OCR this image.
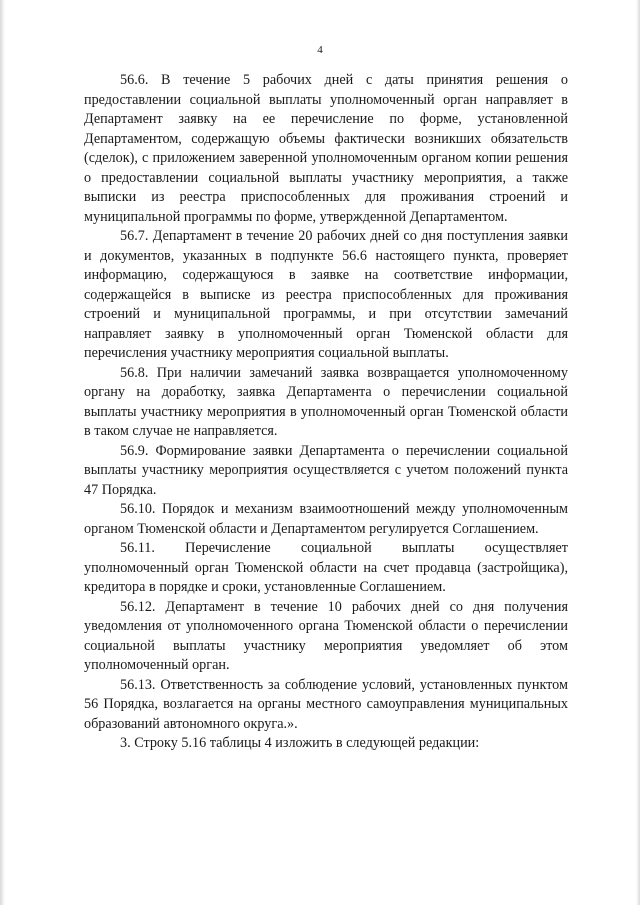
4

56.6. В течение 5 рабочих дней с даты принятия решения о предоставлении социальной выплаты уполномоченный орган направляет в Департамент заявку на ее перечисление по форме, установленной Департаментом, содержащую объемы фактически возникших обязательств (сделок), с приложением заверенной уполномоченным органом копии решения о предоставлении социальной выплаты участнику мероприятия, а также выписки из реестра приспособленных для проживания строений и муниципальной программы по форме, утвержденной Департаментом.

56.7. Департамент в течение 20 рабочих дней со дня поступления заявки и документов, указанных в подпункте 56.6 настоящего пункта, проверяет информацию, содержащуюся в заявке на соответствие информации, содержащейся в выписке из реестра приспособленных для проживания строений и муниципальной программы, и при отсутствии замечаний направляет заявку в уполномоченный орган Тюменской области для перечисления участнику мероприятия социальной выплаты.

56.8. При наличии замечаний заявка возвращается уполномоченному органу на доработку, заявка Департамента о перечислении социальной выплаты участнику мероприятия в уполномоченный орган Тюменской области в таком случае не направляется.

56.9. Формирование заявки Департамента о перечислении социальной выплаты участнику мероприятия осуществляется с учетом положений пункта 47 Порядка.

56.10. Порядок и механизм взаимоотношений между уполномоченным органом Тюменской области и Департаментом регулируется Соглашением.

56.11. Перечисление социальной выплаты осуществляет уполномоченный орган Тюменской области на счет продавца (застройщика), кредитора в порядке и сроки, установленные Соглашением.

56.12. Департамент в течение 10 рабочих дней со дня получения уведомления от уполномоченного органа Тюменской области о перечислении социальной выплаты участнику мероприятия уведомляет об этом уполномоченный орган.

56.13. Ответственность за соблюдение условий, установленных пунктом 56 Порядка, возлагается на органы местного самоуправления муниципальных образований автономного округа.».

3. Строку 5.16 таблицы 4 изложить в следующей редакции:
